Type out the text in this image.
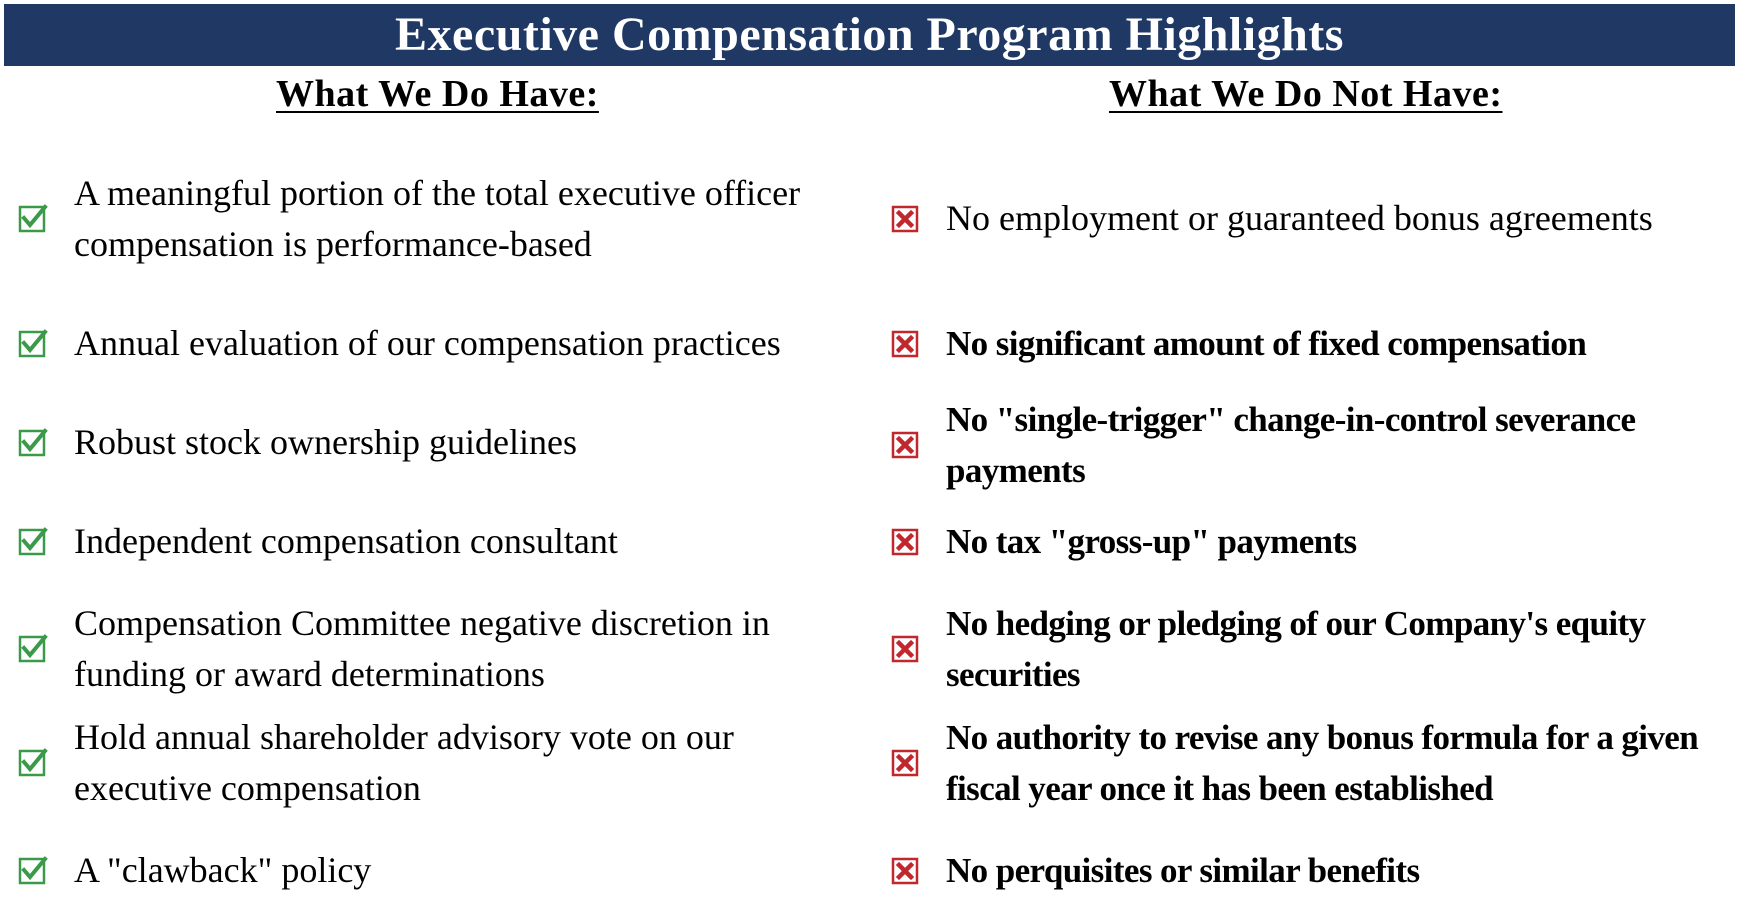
Executive Compensation Program Highlights
What We Do Have:	What We Do Not Have:
A meaningful portion of the total executive officer compensation is performance-based
Annual evaluation of our compensation practices
Robust stock ownership guidelines
Independent compensation consultant
Compensation Committee negative discretion in funding or award determinations
Hold annual shareholder advisory vote on our executive compensation
A "clawback" policy
No employment or guaranteed bonus agreements
No significant amount of fixed compensation
No "single-trigger" change-in-control severance payments
No tax "gross-up" payments
No hedging or pledging of our Company's equity securities
No authority to revise any bonus formula for a given fiscal year once it has been established
No perquisites or similar benefits
